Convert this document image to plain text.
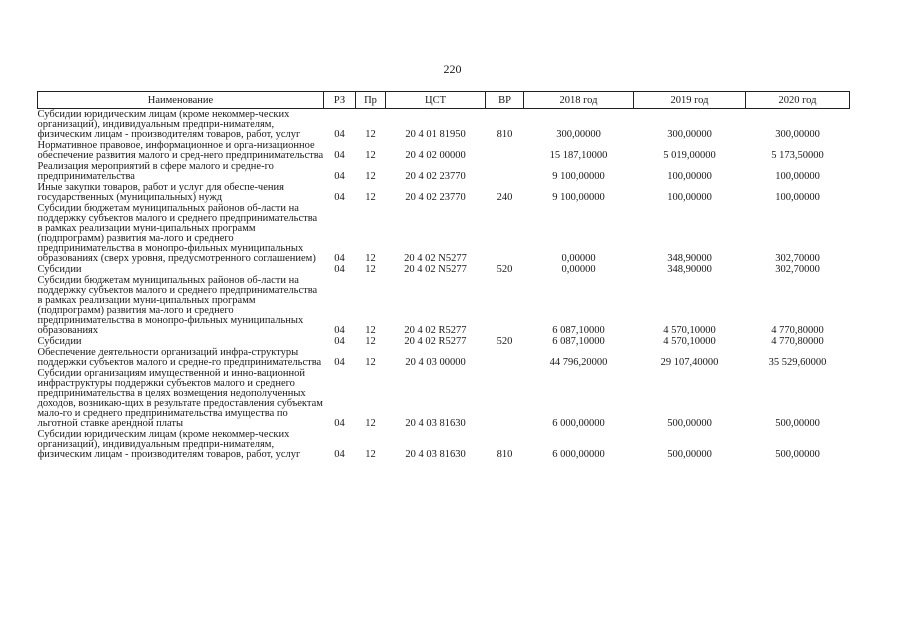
220
Наименование	РЗ	Пр	ЦСТ	ВР	2018 год	2019 год	2020 год
Субсидии юридическим лицам (кроме некоммер-ческих организаций), индивидуальным предпри-нимателям, физическим лицам - производителям товаров, работ, услуг	04	12	20 4 01 81950	810	300,00000	300,00000	300,00000
Нормативное правовое, информационное и орга-низационное обеспечение развития малого и сред-него предпринимательства	04	12	20 4 02 00000		15 187,10000	5 019,00000	5 173,50000
Реализация мероприятий в сфере малого и средне-го предпринимательства	04	12	20 4 02 23770		9 100,00000	100,00000	100,00000
Иные закупки товаров, работ и услуг для обеспе-чения государственных (муниципальных) нужд	04	12	20 4 02 23770	240	9 100,00000	100,00000	100,00000
Субсидии бюджетам муниципальных районов об-ласти на поддержку субъектов малого и среднего предпринимательства в рамках реализации муни-ципальных программ (подпрограмм) развития ма-лого и среднего предпринимательства в монопро-фильных муниципальных образованиях (сверх уровня, предусмотренного соглашением)	04	12	20 4 02 N5277		0,00000	348,90000	302,70000
Субсидии	04	12	20 4 02 N5277	520	0,00000	348,90000	302,70000
Субсидии бюджетам муниципальных районов об-ласти на поддержку субъектов малого и среднего предпринимательства в рамках реализации муни-ципальных программ (подпрограмм) развития ма-лого и среднего предпринимательства в монопро-фильных муниципальных образованиях	04	12	20 4 02 R5277		6 087,10000	4 570,10000	4 770,80000
Субсидии	04	12	20 4 02 R5277	520	6 087,10000	4 570,10000	4 770,80000
Обеспечение деятельности организаций инфра-структуры поддержки субъектов малого и средне-го предпринимательства	04	12	20 4 03 00000		44 796,20000	29 107,40000	35 529,60000
Субсидии организациям имущественной и инно-вационной инфраструктуры поддержки субъектов малого и среднего предпринимательства в целях возмещения недополученных доходов, возникаю-щих в результате предоставления субъектам мало-го и среднего предпринимательства имущества по льготной ставке арендной платы	04	12	20 4 03 81630		6 000,00000	500,00000	500,00000
Субсидии юридическим лицам (кроме некоммер-ческих организаций), индивидуальным предпри-нимателям, физическим лицам - производителям товаров, работ, услуг	04	12	20 4 03 81630	810	6 000,00000	500,00000	500,00000
